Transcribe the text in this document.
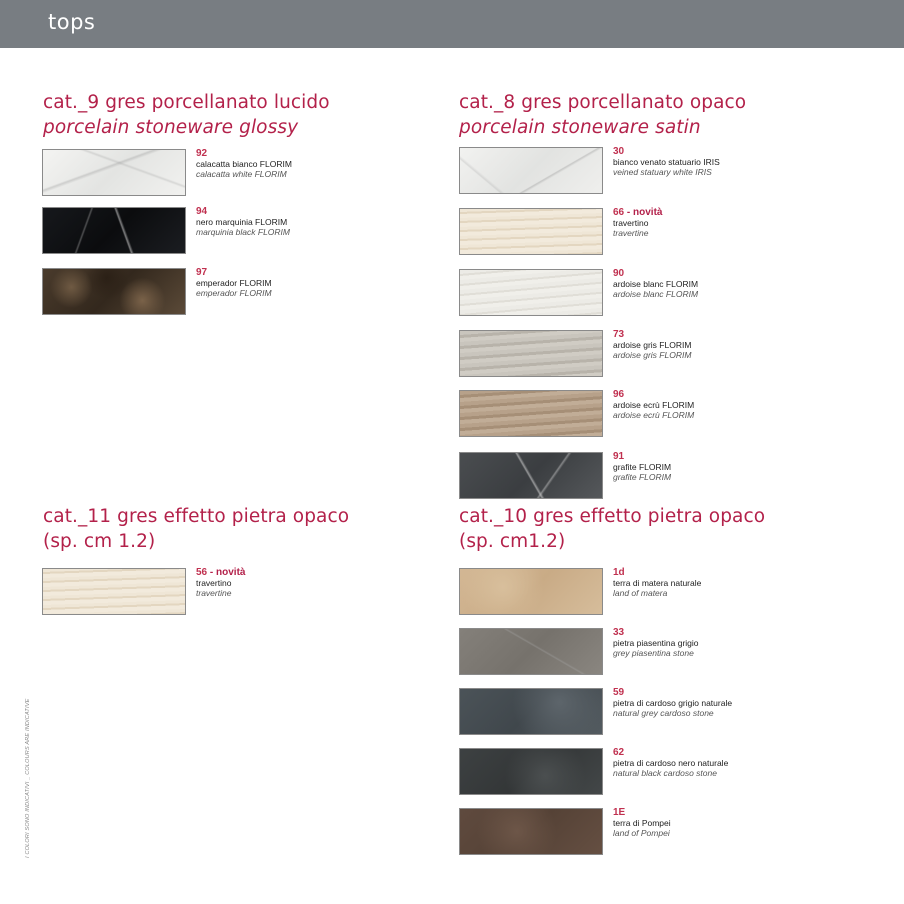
tops
cat._9 gres porcellanato lucido
porcelain stoneware glossy
92
calacatta bianco FLORIM
calacatta white FLORIM
94
nero marquinia FLORIM
marquinia black FLORIM
97
emperador FLORIM
emperador FLORIM
cat._8 gres porcellanato opaco
porcelain stoneware satin
30
bianco venato statuario IRIS
veined statuary white IRIS
66 - novità
travertino
travertine
90
ardoise blanc FLORIM
ardoise blanc FLORIM
73
ardoise gris FLORIM
ardoise gris FLORIM
96
ardoise ecrù FLORIM
ardoise ecrù FLORIM
91
grafite FLORIM
grafite FLORIM
cat._11 gres effetto pietra opaco
(sp. cm 1.2)
56 - novità
travertino
travertine
cat._10 gres effetto pietra opaco
(sp. cm1.2)
1d
terra di matera naturale
land of matera
33
pietra piasentina grigio
grey piasentina stone
59
pietra di cardoso grigio naturale
natural grey cardoso stone
62
pietra di cardoso nero naturale
natural black cardoso stone
1E
terra di Pompei
land of Pompei
I COLORI SONO INDICATIVI _ COLOURS ARE INDICATIVE
